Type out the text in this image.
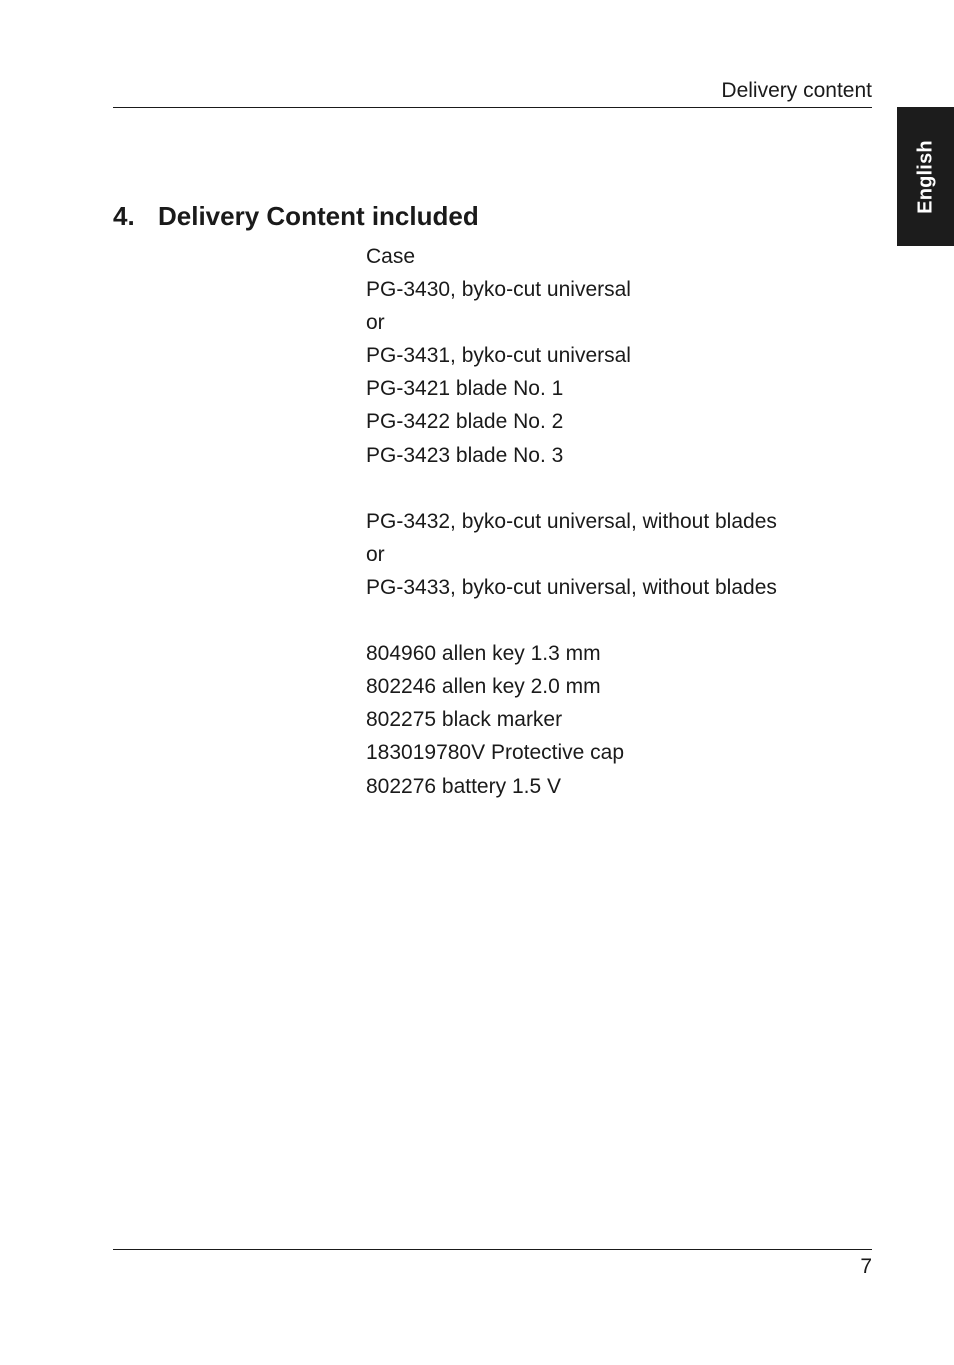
Delivery content
English
4. Delivery Content included
Case
PG-3430, byko-cut universal
or
PG-3431, byko-cut universal
PG-3421 blade No. 1
PG-3422 blade No. 2
PG-3423 blade No. 3
PG-3432, byko-cut universal, without blades
or
PG-3433, byko-cut universal, without blades
804960 allen key 1.3 mm
802246 allen key 2.0 mm
802275 black marker
183019780V Protective cap
802276 battery 1.5 V
7
